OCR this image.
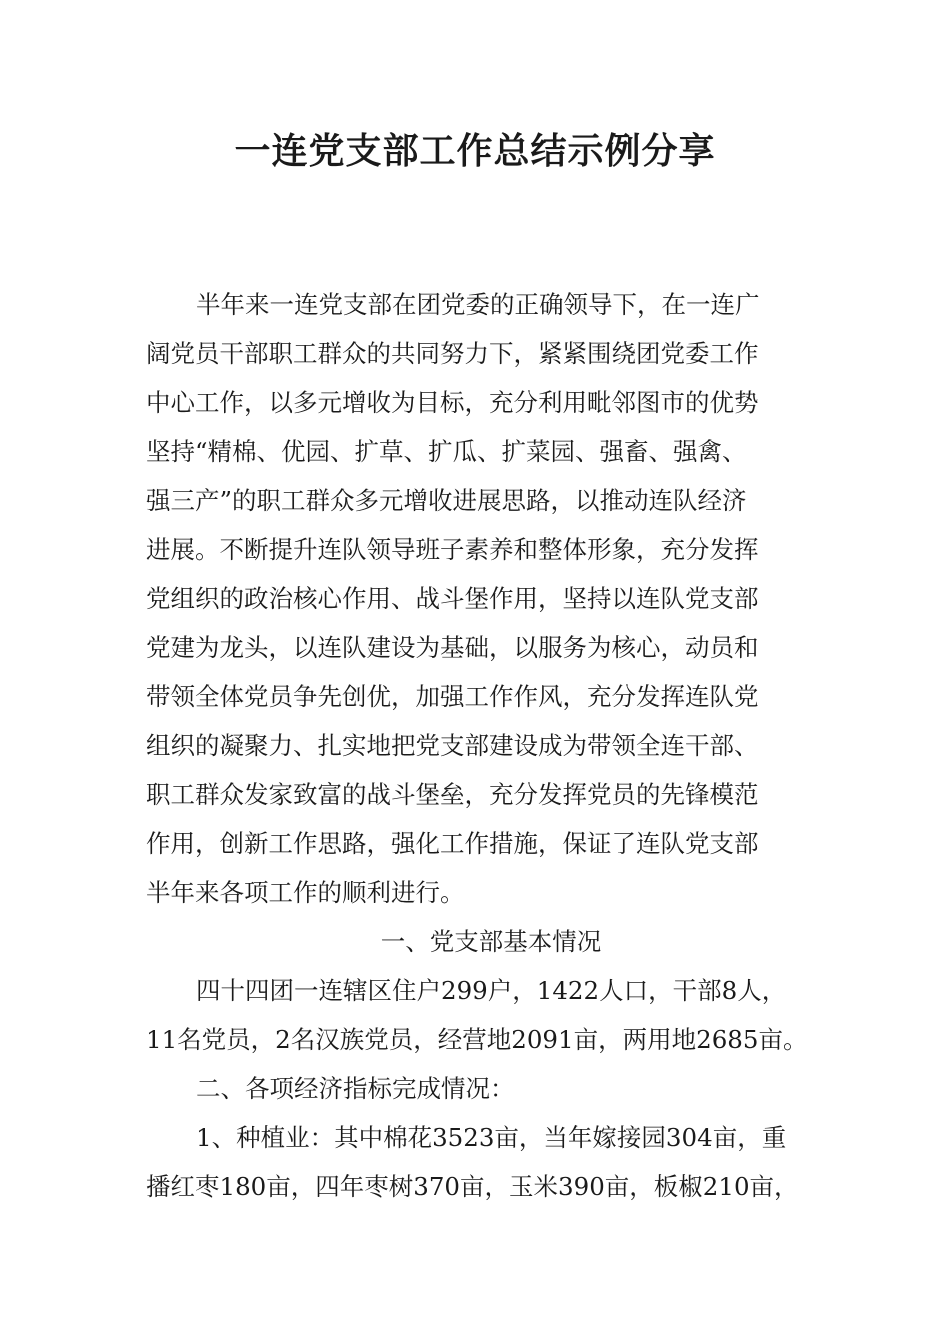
一连党支部工作总结示例分享
半年来一连党支部在团党委的正确领导下，在一连广
阔党员干部职工群众的共同努力下，紧紧围绕团党委工作
中心工作，以多元增收为目标，充分利用毗邻图市的优势
坚持“精棉、优园、扩草、扩瓜、扩菜园、强畜、强禽、
强三产”的职工群众多元增收进展思路，以推动连队经济
进展。不断提升连队领导班子素养和整体形象，充分发挥
党组织的政治核心作用、战斗堡作用，坚持以连队党支部
党建为龙头，以连队建设为基础，以服务为核心，动员和
带领全体党员争先创优，加强工作作风，充分发挥连队党
组织的凝聚力、扎实地把党支部建设成为带领全连干部、
职工群众发家致富的战斗堡垒，充分发挥党员的先锋模范
作用，创新工作思路，强化工作措施，保证了连队党支部
半年来各项工作的顺利进行。
一、党支部基本情况
四十四团一连辖区住户299户，1422人口，干部8人，
11名党员，2名汉族党员，经营地2091亩，两用地2685亩。
二、各项经济指标完成情况：
1、种植业：其中棉花3523亩，当年嫁接园304亩，重
播红枣180亩，四年枣树370亩，玉米390亩，板椒210亩，
